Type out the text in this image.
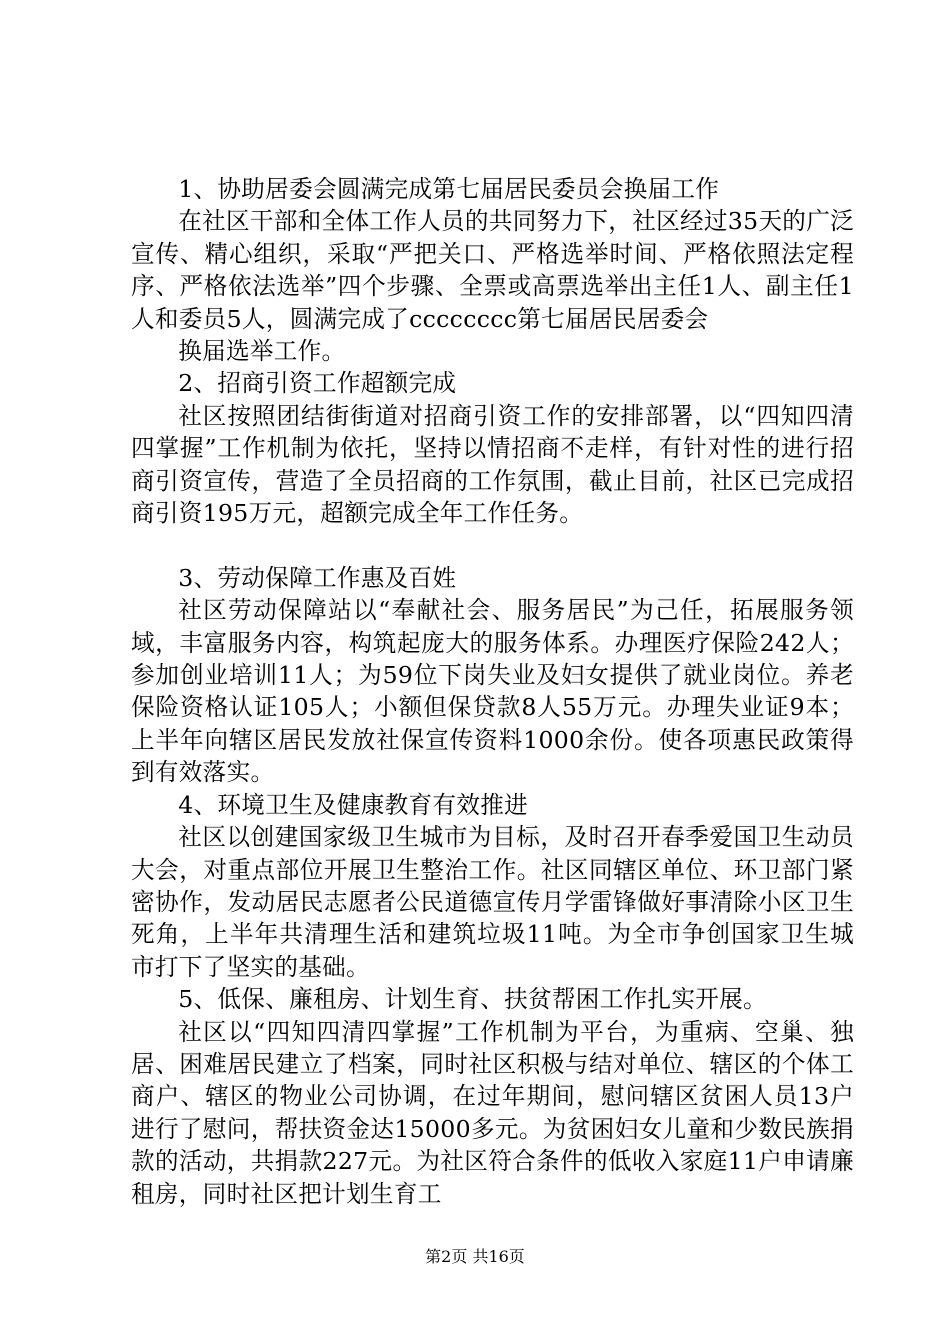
1、协助居委会圆满完成第七届居民委员会换届工作

在社区干部和全体工作人员的共同努力下，社区经过35天的广泛宣传、精心组织，采取“严把关口、严格选举时间、严格依照法定程序、严格依法选举”四个步骤、全票或高票选举出主任1人、副主任1人和委员5人，圆满完成了cccccccc第七届居民居委会

换届选举工作。

2、招商引资工作超额完成

社区按照团结街街道对招商引资工作的安排部署，以“四知四清四掌握”工作机制为依托，坚持以情招商不走样，有针对性的进行招商引资宣传，营造了全员招商的工作氛围，截止目前，社区已完成招商引资195万元，超额完成全年工作任务。

3、劳动保障工作惠及百姓

社区劳动保障站以“奉献社会、服务居民”为己任，拓展服务领域，丰富服务内容，构筑起庞大的服务体系。办理医疗保险242人；参加创业培训11人；为59位下岗失业及妇女提供了就业岗位。养老保险资格认证105人；小额但保贷款8人55万元。办理失业证9本；上半年向辖区居民发放社保宣传资料1000余份。使各项惠民政策得到有效落实。

4、环境卫生及健康教育有效推进

社区以创建国家级卫生城市为目标，及时召开春季爱国卫生动员大会，对重点部位开展卫生整治工作。社区同辖区单位、环卫部门紧密协作，发动居民志愿者公民道德宣传月学雷锋做好事清除小区卫生死角，上半年共清理生活和建筑垃圾11吨。为全市争创国家卫生城市打下了坚实的基础。

5、低保、廉租房、计划生育、扶贫帮困工作扎实开展。

社区以“四知四清四掌握”工作机制为平台，为重病、空巢、独居、困难居民建立了档案，同时社区积极与结对单位、辖区的个体工商户、辖区的物业公司协调，在过年期间，慰问辖区贫困人员13户进行了慰问，帮扶资金达15000多元。为贫困妇女儿童和少数民族捐款的活动，共捐款227元。为社区符合条件的低收入家庭11户申请廉租房，同时社区把计划生育工

第2页 共16页
